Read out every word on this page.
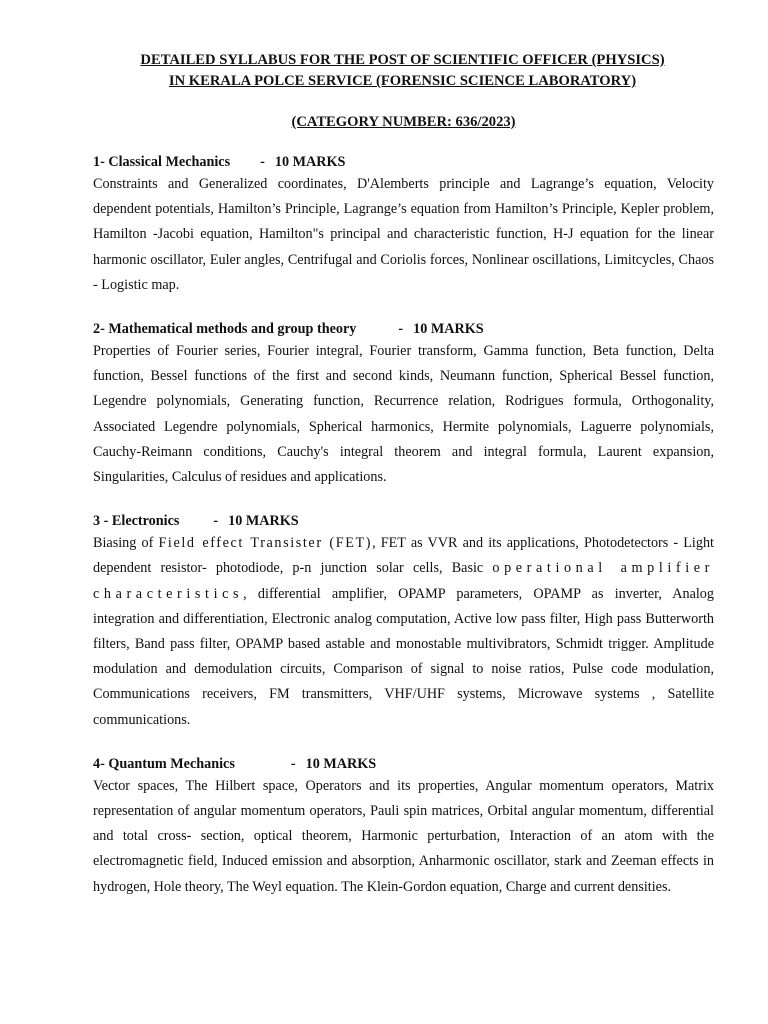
DETAILED SYLLABUS FOR THE POST OF SCIENTIFIC OFFICER (PHYSICS)
IN KERALA POLCE SERVICE (FORENSIC SCIENCE LABORATORY)
(CATEGORY NUMBER: 636/2023)
1- Classical Mechanics - 10 MARKS
Constraints and Generalized coordinates, D'Alemberts principle and Lagrange’s equation, Velocity dependent potentials, Hamilton’s Principle, Lagrange’s equation from Hamilton’s Principle, Kepler problem, Hamilton -Jacobi equation, Hamilton"s principal and characteristic function, H-J equation for the linear harmonic oscillator, Euler angles, Centrifugal and Coriolis forces, Nonlinear oscillations, Limitcycles, Chaos - Logistic map.
2- Mathematical methods and group theory	- 10 MARKS
Properties of Fourier series, Fourier integral, Fourier transform, Gamma function, Beta function, Delta function, Bessel functions of the first and second kinds, Neumann function, Spherical Bessel function, Legendre polynomials, Generating function, Recurrence relation, Rodrigues formula, Orthogonality, Associated Legendre polynomials, Spherical harmonics, Hermite polynomials, Laguerre polynomials, Cauchy-Reimann conditions, Cauchy's integral theorem and integral formula, Laurent expansion, Singularities, Calculus of residues and applications.
3 - Electronics - 10 MARKS
Biasing of Field effect Transister (FET), FET as VVR and its applications, Photodetectors - Light dependent resistor- photodiode, p-n junction solar cells, Basic operational amplifier characteristics, differential amplifier, OPAMP parameters, OPAMP as inverter, Analog integration and differentiation, Electronic analog computation, Active low pass filter, High pass Butterworth filters, Band pass filter, OPAMP based astable and monostable multivibrators, Schmidt trigger. Amplitude modulation and demodulation circuits, Comparison of signal to noise ratios, Pulse code modulation, Communications receivers, FM transmitters, VHF/UHF systems, Microwave systems , Satellite communications.
4- Quantum Mechanics	- 10 MARKS
Vector spaces, The Hilbert space, Operators and its properties, Angular momentum operators, Matrix representation of angular momentum operators, Pauli spin matrices, Orbital angular momentum, differential and total cross- section, optical theorem, Harmonic perturbation, Interaction of an atom with the electromagnetic field, Induced emission and absorption, Anharmonic oscillator, stark and Zeeman effects in hydrogen, Hole theory, The Weyl equation. The Klein-Gordon equation, Charge and current densities.
